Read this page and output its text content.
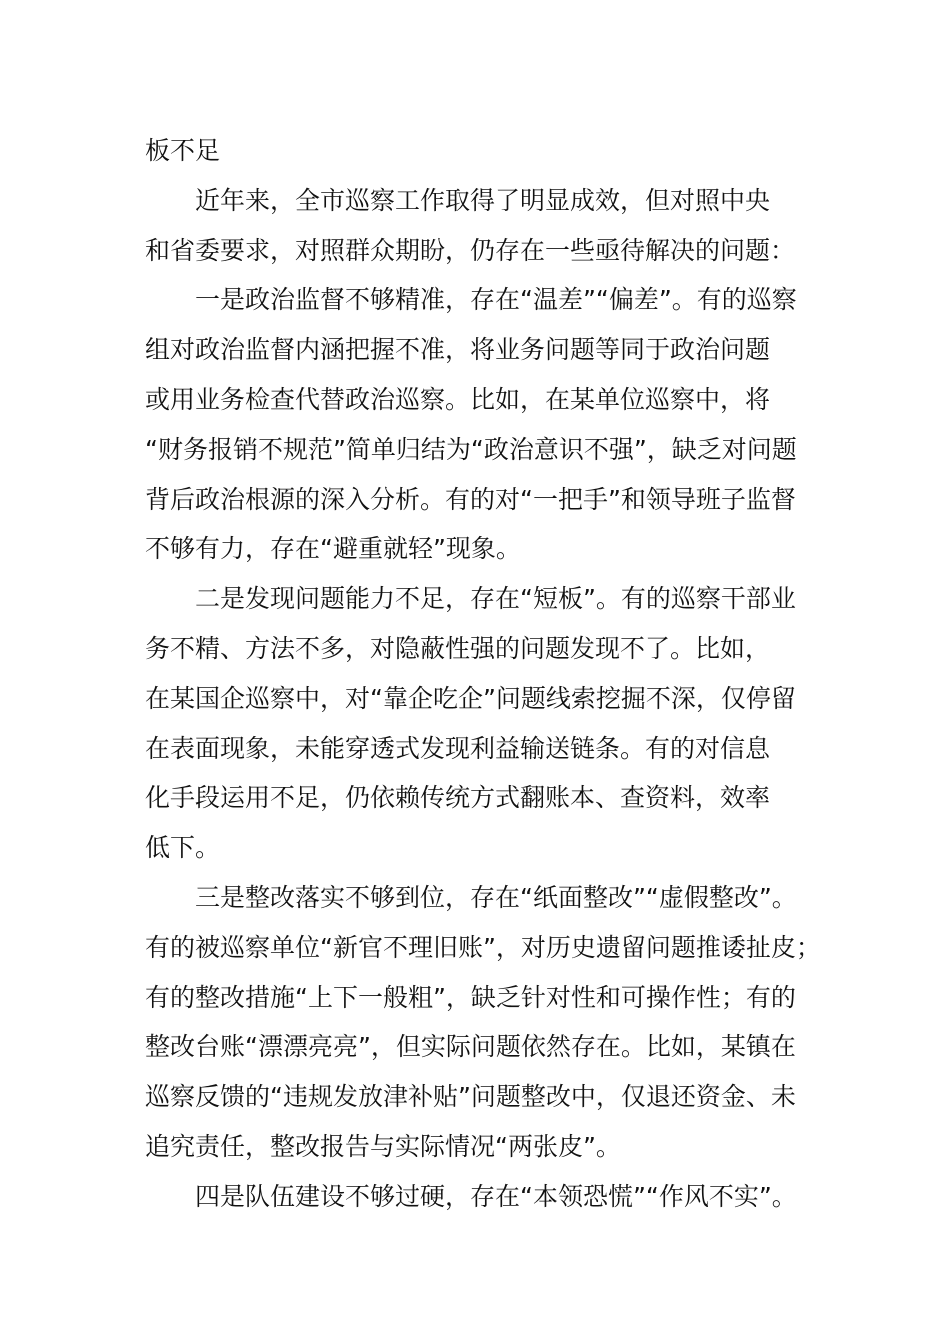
板不足
近年来，全市巡察工作取得了明显成效，但对照中央
和省委要求，对照群众期盼，仍存在一些亟待解决的问题：
一是政治监督不够精准，存在“温差”“偏差”。有的巡察
组对政治监督内涵把握不准，将业务问题等同于政治问题
或用业务检查代替政治巡察。比如，在某单位巡察中，将
“财务报销不规范”简单归结为“政治意识不强”，缺乏对问题
背后政治根源的深入分析。有的对“一把手”和领导班子监督
不够有力，存在“避重就轻”现象。
二是发现问题能力不足，存在“短板”。有的巡察干部业
务不精、方法不多，对隐蔽性强的问题发现不了。比如，
在某国企巡察中，对“靠企吃企”问题线索挖掘不深，仅停留
在表面现象，未能穿透式发现利益输送链条。有的对信息
化手段运用不足，仍依赖传统方式翻账本、查资料，效率
低下。
三是整改落实不够到位，存在“纸面整改”“虚假整改”。
有的被巡察单位“新官不理旧账”，对历史遗留问题推诿扯皮；
有的整改措施“上下一般粗”，缺乏针对性和可操作性；有的
整改台账“漂漂亮亮”，但实际问题依然存在。比如，某镇在
巡察反馈的“违规发放津补贴”问题整改中，仅退还资金、未
追究责任，整改报告与实际情况“两张皮”。
四是队伍建设不够过硬，存在“本领恐慌”“作风不实”。
